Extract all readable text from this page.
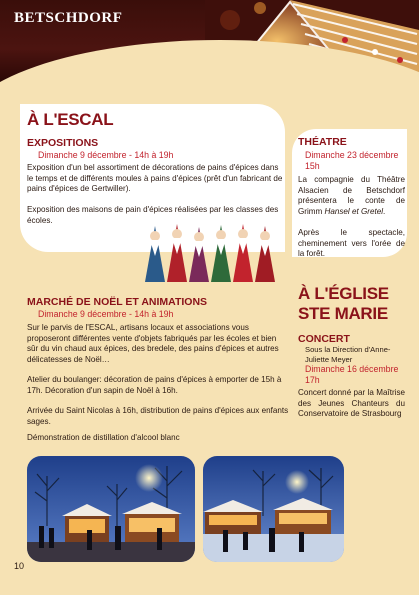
BETSCHDORF
À L'ESCAL
EXPOSITIONS
Dimanche 9 décembre - 14h à 19h
Exposition d'un bel assortiment de décorations de pains d'épices dans le temps et de différents moules à pains d'épices (prêt d'un fabricant de pains d'épices de Gertwiller).
Exposition des maisons de pain d'épices réalisées par les classes des écoles.
THÉATRE
Dimanche 23 décembre 15h
La compagnie du Théâtre Alsacien de Betschdorf présentera le conte de Grimm Hansel et Gretel.
Après le spectacle, cheminement vers l'orée de la forêt.
À L'ÉGLISE
STE MARIE
CONCERT
Sous la Direction d'Anne-Juliette Meyer
Dimanche 16 décembre 17h
Concert donné par la Maîtrise des Jeunes Chanteurs du Conservatoire de Strasbourg
MARCHÉ DE NOËL ET ANIMATIONS
Dimanche 9 décembre - 14h à 19h
Sur le parvis de l'ESCAL, artisans locaux et associations vous proposeront différentes vente d'objets fabriqués par les écoles et bien sûr du vin chaud aux épices, des bredele, des pains d'épices et autres délicatesses de Noël…
Atelier du boulanger: décoration de pains d'épices à emporter de 15h à 17h. Décoration d'un sapin de Noël à 16h.
Arrivée du Saint Nicolas à 16h, distribution de pains d'épices aux enfants sages.
Démonstration de distillation d'alcool blanc
10
